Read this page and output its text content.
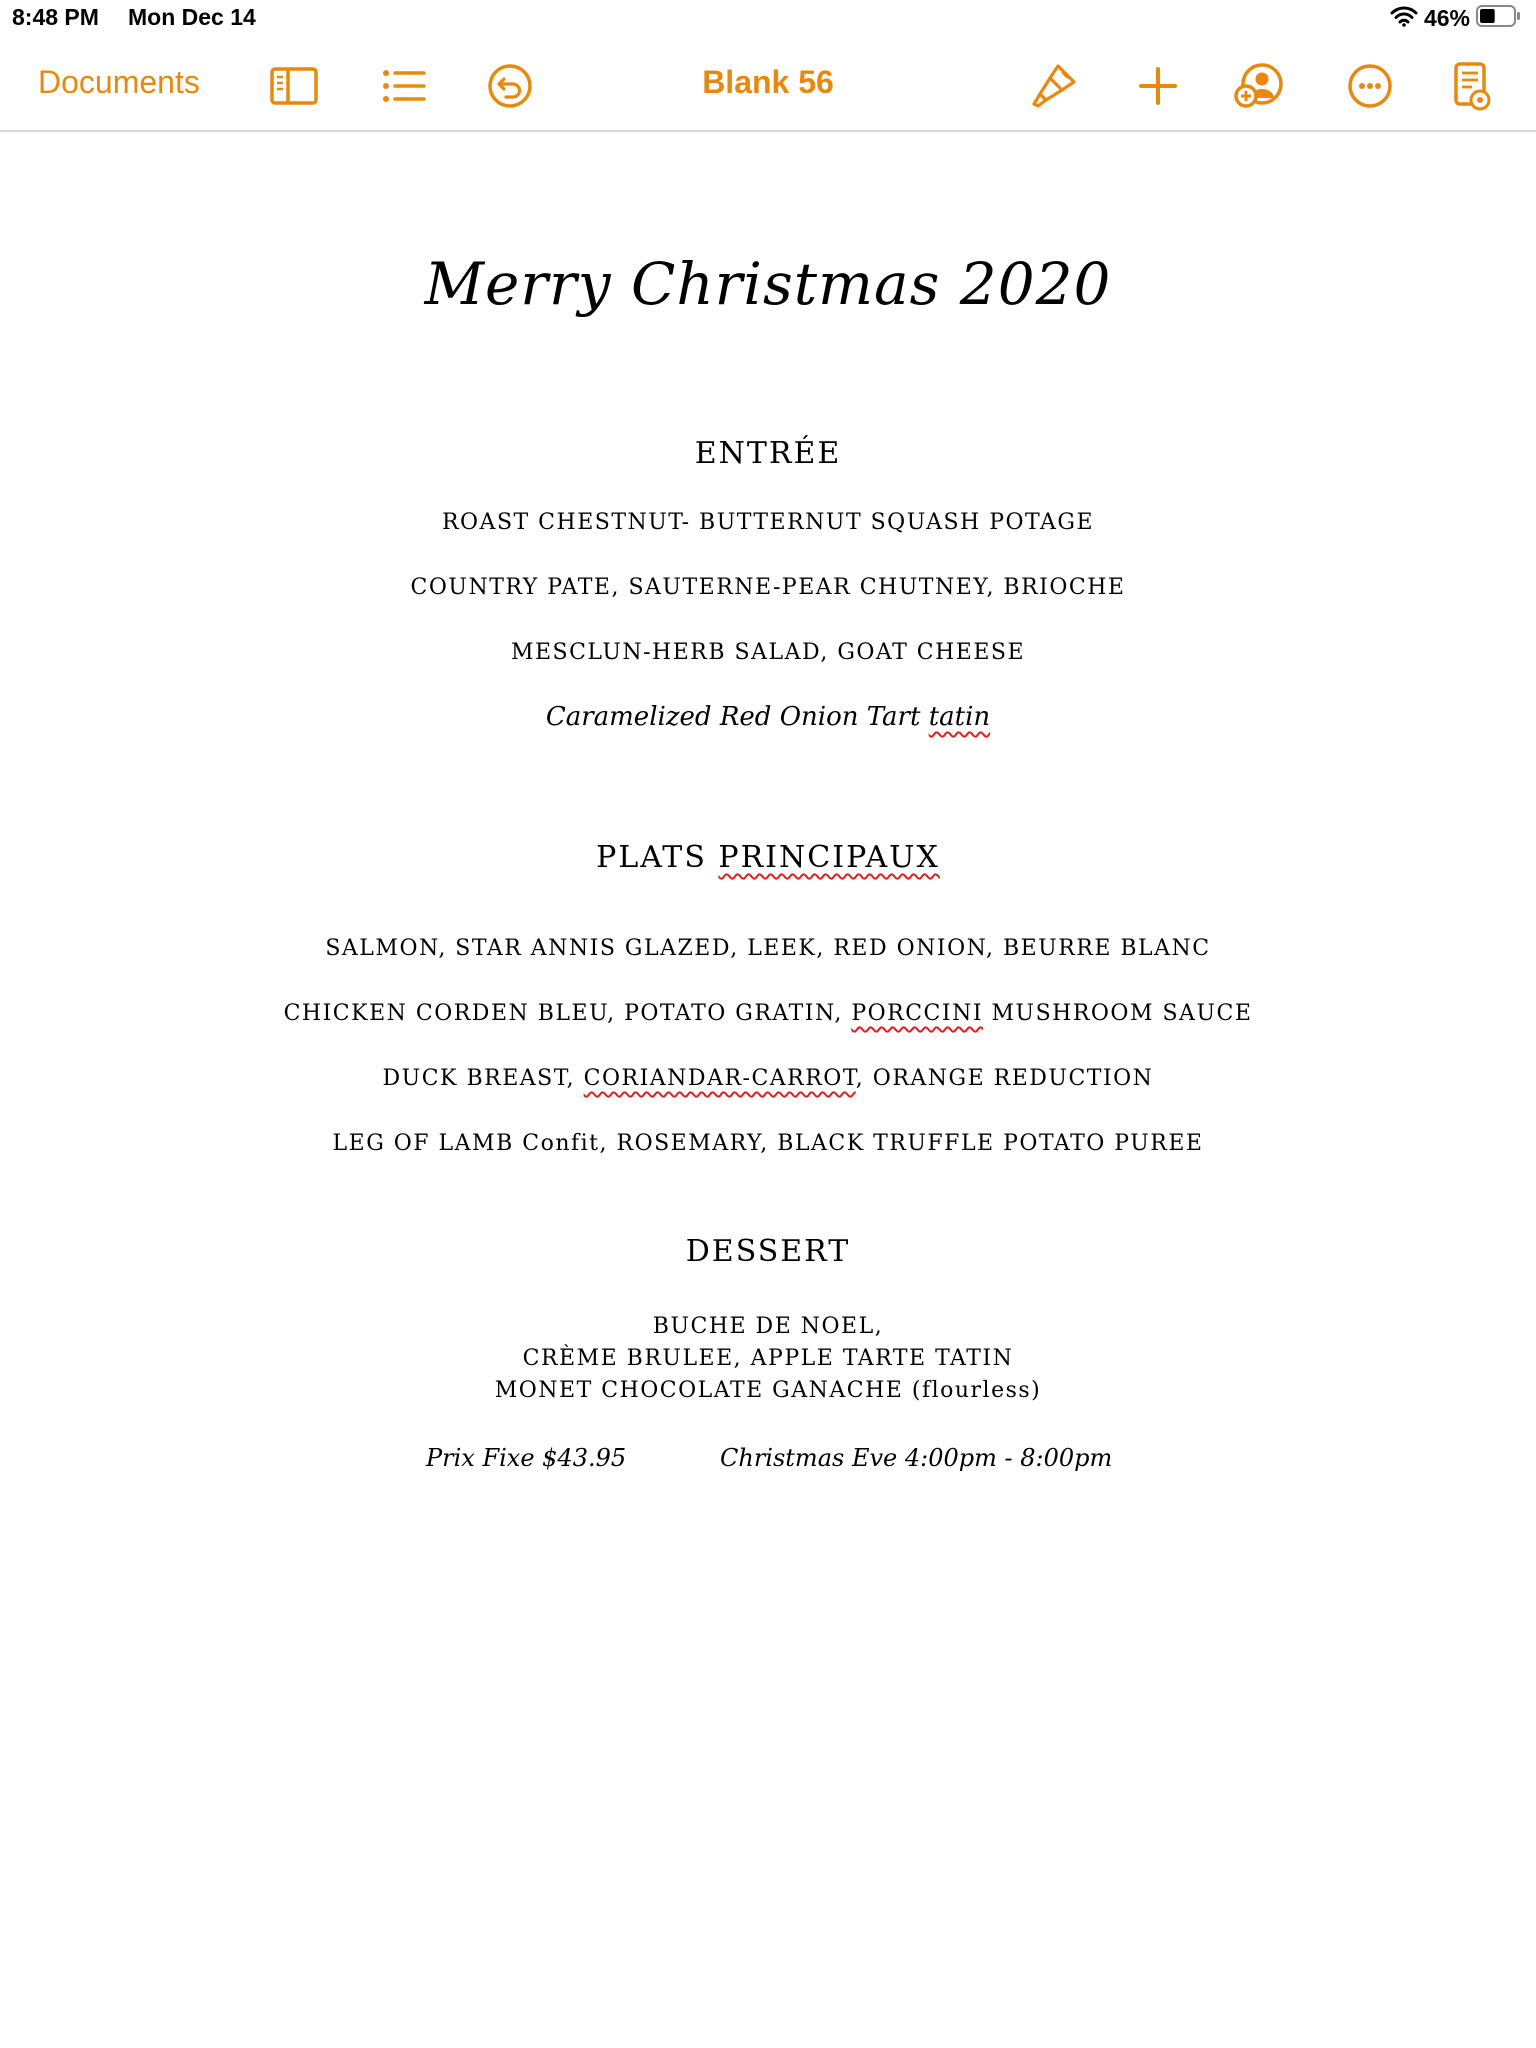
8:48 PM Mon Dec 14	46%
Documents	Blank 56
Merry Christmas 2020
ENTRÉE
ROAST CHESTNUT- BUTTERNUT SQUASH POTAGE
COUNTRY PATE, SAUTERNE-PEAR CHUTNEY, BRIOCHE
MESCLUN-HERB SALAD, GOAT CHEESE
Caramelized Red Onion Tart tatin
PLATS PRINCIPAUX
SALMON, STAR ANNIS GLAZED, LEEK, RED ONION, BEURRE BLANC
CHICKEN CORDEN BLEU, POTATO GRATIN, PORCCINI MUSHROOM SAUCE
DUCK BREAST, CORIANDAR-CARROT, ORANGE REDUCTION
LEG OF LAMB Confit, ROSEMARY, BLACK TRUFFLE POTATO PUREE
DESSERT
BUCHE DE NOEL,
CRÈME BRULEE, APPLE TARTE TATIN
MONET CHOCOLATE GANACHE (flourless)
Prix Fixe $43.95	Christmas Eve 4:00pm - 8:00pm
